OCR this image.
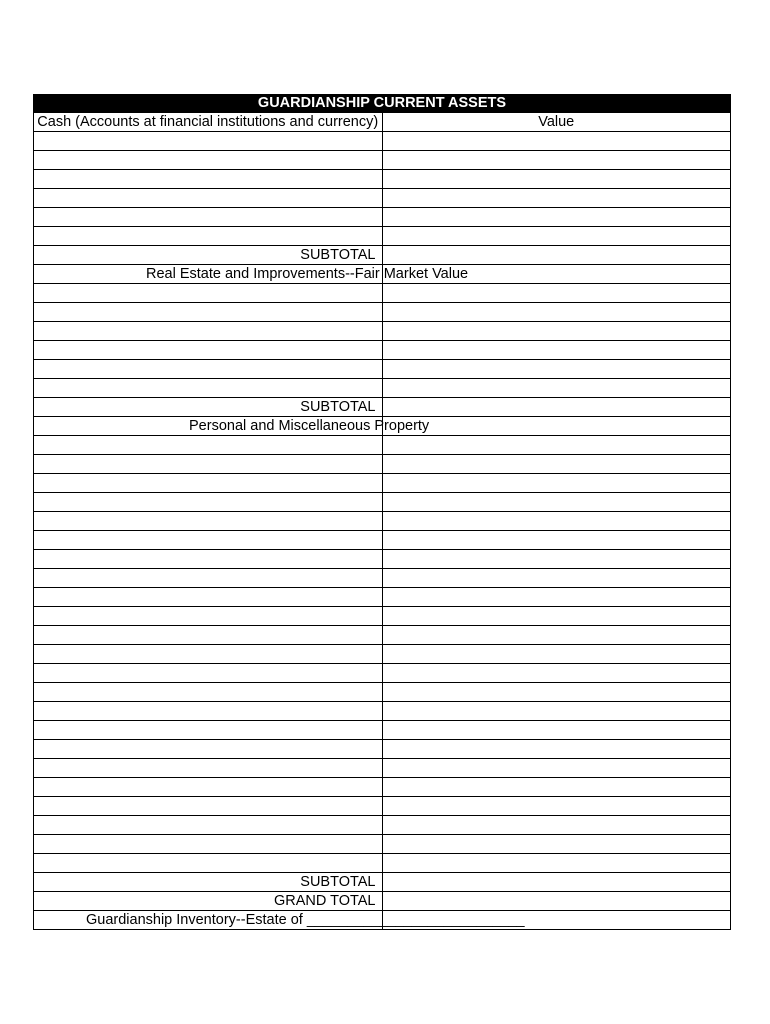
GUARDIANSHIP CURRENT ASSETS	
Cash (Accounts at financial institutions and currency)	Value

SUBTOTAL	
Real Estate and Improvements--Fair Market Value	

SUBTOTAL	
Personal and Miscellaneous Property	

SUBTOTAL	
GRAND TOTAL	
Guardianship Inventory--Estate of ___________________________	
